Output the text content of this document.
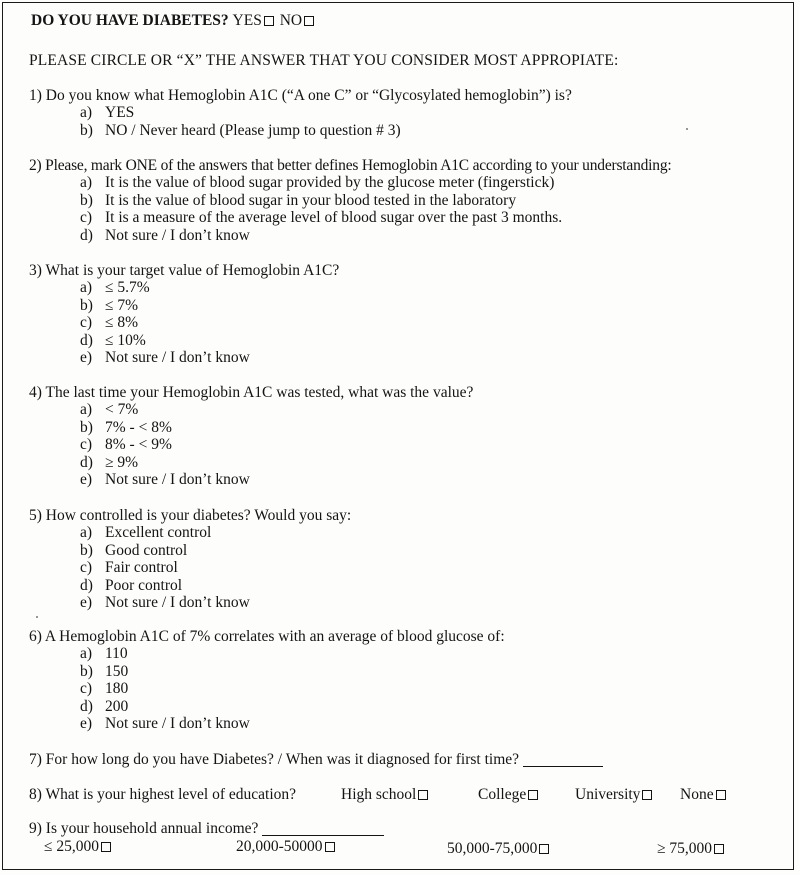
DO YOU HAVE DIABETES? YES NO
PLEASE CIRCLE OR “X” THE ANSWER THAT YOU CONSIDER MOST APPROPIATE:
1) Do you know what Hemoglobin A1C (“A one C” or “Glycosylated hemoglobin”) is?
a) YES
b) NO / Never heard (Please jump to question # 3)
2) Please, mark ONE of the answers that better defines Hemoglobin A1C according to your understanding:
a) It is the value of blood sugar provided by the glucose meter (fingerstick)
b) It is the value of blood sugar in your blood tested in the laboratory
c) It is a measure of the average level of blood sugar over the past 3 months.
d) Not sure / I don’t know
3) What is your target value of Hemoglobin A1C?
a) ≤ 5.7%
b) ≤ 7%
c) ≤ 8%
d) ≤ 10%
e) Not sure / I don’t know
4) The last time your Hemoglobin A1C was tested, what was the value?
a) < 7%
b) 7% - < 8%
c) 8% - < 9%
d) ≥ 9%
e) Not sure / I don’t know
5) How controlled is your diabetes? Would you say:
a) Excellent control
b) Good control
c) Fair control
d) Poor control
e) Not sure / I don’t know
6) A Hemoglobin A1C of 7% correlates with an average of blood glucose of:
a) 110
b) 150
c) 180
d) 200
e) Not sure / I don’t know
7) For how long do you have Diabetes? / When was it diagnosed for first time?
8) What is your highest level of education?	High school	College	University	None
9) Is your household annual income?
≤ 25,000	20,000-50000	50,000-75,000	≥ 75,000
